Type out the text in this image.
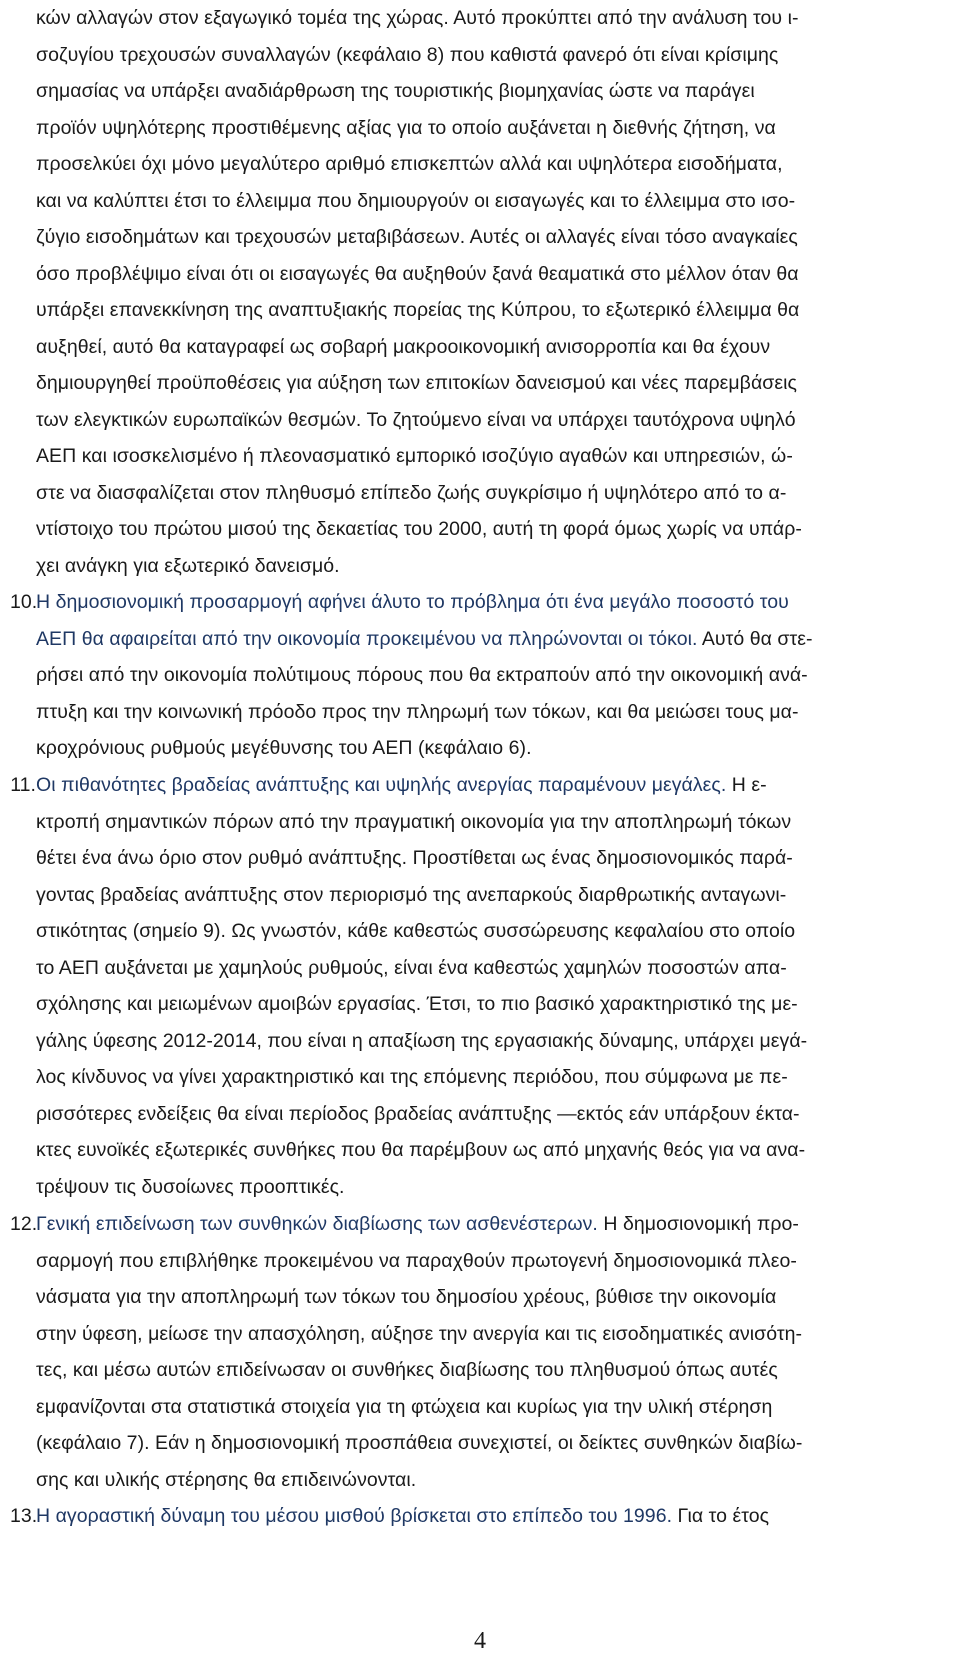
κών αλλαγών στον εξαγωγικό τομέα της χώρας. Αυτό προκύπτει από την ανάλυση του ι-
σοζυγίου τρεχουσών συναλλαγών (κεφάλαιο 8) που καθιστά φανερό ότι είναι κρίσιμης
σημασίας να υπάρξει αναδιάρθρωση της τουριστικής βιομηχανίας ώστε να παράγει
προϊόν υψηλότερης προστιθέμενης αξίας για το οποίο αυξάνεται η διεθνής ζήτηση, να
προσελκύει όχι μόνο μεγαλύτερο αριθμό επισκεπτών αλλά και υψηλότερα εισοδήματα,
και να καλύπτει έτσι το έλλειμμα που δημιουργούν οι εισαγωγές και το έλλειμμα στο ισο-
ζύγιο εισοδημάτων και τρεχουσών μεταβιβάσεων. Αυτές οι αλλαγές είναι τόσο αναγκαίες
όσο προβλέψιμο είναι ότι οι εισαγωγές θα αυξηθούν ξανά θεαματικά στο μέλλον όταν θα
υπάρξει επανεκκίνηση της αναπτυξιακής πορείας της Κύπρου, το εξωτερικό έλλειμμα θα
αυξηθεί, αυτό θα καταγραφεί ως σοβαρή μακροοικονομική ανισορροπία και θα έχουν
δημιουργηθεί προϋποθέσεις για αύξηση των επιτοκίων δανεισμού και νέες παρεμβάσεις
των ελεγκτικών ευρωπαϊκών θεσμών. Το ζητούμενο είναι να υπάρχει ταυτόχρονα υψηλό
ΑΕΠ και ισοσκελισμένο ή πλεονασματικό εμπορικό ισοζύγιο αγαθών και υπηρεσιών, ώ-
στε να διασφαλίζεται στον πληθυσμό επίπεδο ζωής συγκρίσιμο ή υψηλότερο από το α-
ντίστοιχο του πρώτου μισού της δεκαετίας του 2000, αυτή τη φορά όμως χωρίς να υπάρ-
χει ανάγκη για εξωτερικό δανεισμό.
10.
Η δημοσιονομική προσαρμογή αφήνει άλυτο το πρόβλημα ότι ένα μεγάλο ποσοστό του
ΑΕΠ θα αφαιρείται από την οικονομία προκειμένου να πληρώνονται οι τόκοι. Αυτό θα στε-
ρήσει από την οικονομία πολύτιμους πόρους που θα εκτραπούν από την οικονομική ανά-
πτυξη και την κοινωνική πρόοδο προς την πληρωμή των τόκων, και θα μειώσει τους μα-
κροχρόνιους ρυθμούς μεγέθυνσης του ΑΕΠ (κεφάλαιο 6).
11. Οι πιθανότητες βραδείας ανάπτυξης και υψηλής ανεργίας παραμένουν μεγάλες. Η ε-
κτροπή σημαντικών πόρων από την πραγματική οικονομία για την αποπληρωμή τόκων
θέτει ένα άνω όριο στον ρυθμό ανάπτυξης. Προστίθεται ως ένας δημοσιονομικός παρά-
γοντας βραδείας ανάπτυξης στον περιορισμό της ανεπαρκούς διαρθρωτικής ανταγωνι-
στικότητας (σημείο 9). Ως γνωστόν, κάθε καθεστώς συσσώρευσης κεφαλαίου στο οποίο
το ΑΕΠ αυξάνεται με χαμηλούς ρυθμούς, είναι ένα καθεστώς χαμηλών ποσοστών απα-
σχόλησης και μειωμένων αμοιβών εργασίας. Έτσι, το πιο βασικό χαρακτηριστικό της με-
γάλης ύφεσης 2012-2014, που είναι η απαξίωση της εργασιακής δύναμης, υπάρχει μεγά-
λος κίνδυνος να γίνει χαρακτηριστικό και της επόμενης περιόδου, που σύμφωνα με πε-
ρισσότερες ενδείξεις θα είναι περίοδος βραδείας ανάπτυξης —εκτός εάν υπάρξουν έκτα-
κτες ευνοϊκές εξωτερικές συνθήκες που θα παρέμβουν ως από μηχανής θεός για να ανα-
τρέψουν τις δυσοίωνες προοπτικές.
12.
Γενική επιδείνωση των συνθηκών διαβίωσης των ασθενέστερων. Η δημοσιονομική προ-
σαρμογή που επιβλήθηκε προκειμένου να παραχθούν πρωτογενή δημοσιονομικά πλεο-
νάσματα για την αποπληρωμή των τόκων του δημοσίου χρέους, βύθισε την οικονομία
στην ύφεση, μείωσε την απασχόληση, αύξησε την ανεργία και τις εισοδηματικές ανισότη-
τες, και μέσω αυτών επιδείνωσαν οι συνθήκες διαβίωσης του πληθυσμού όπως αυτές
εμφανίζονται στα στατιστικά στοιχεία για τη φτώχεια και κυρίως για την υλική στέρηση
(κεφάλαιο 7). Εάν η δημοσιονομική προσπάθεια συνεχιστεί, οι δείκτες συνθηκών διαβίω-
σης και υλικής στέρησης θα επιδεινώνονται.
13.
Η αγοραστική δύναμη του μέσου μισθού βρίσκεται στο επίπεδο του 1996. Για το έτος
4
